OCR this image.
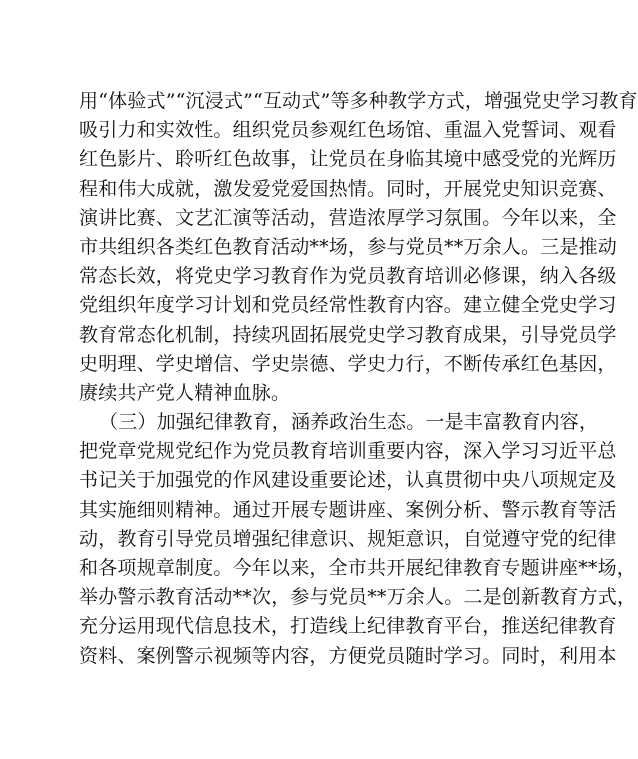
用“体验式”“沉浸式”“互动式”等多种教学方式，增强党史学习教育
吸引力和实效性。组织党员参观红色场馆、重温入党誓词、观看
红色影片、聆听红色故事，让党员在身临其境中感受党的光辉历
程和伟大成就，激发爱党爱国热情。同时，开展党史知识竞赛、
演讲比赛、文艺汇演等活动，营造浓厚学习氛围。今年以来，全
市共组织各类红色教育活动**场，参与党员**万余人。三是推动
常态长效，将党史学习教育作为党员教育培训必修课，纳入各级
党组织年度学习计划和党员经常性教育内容。建立健全党史学习
教育常态化机制，持续巩固拓展党史学习教育成果，引导党员学
史明理、学史增信、学史崇德、学史力行，不断传承红色基因，
赓续共产党人精神血脉。
（三）加强纪律教育，涵养政治生态。一是丰富教育内容，
把党章党规党纪作为党员教育培训重要内容，深入学习习近平总
书记关于加强党的作风建设重要论述，认真贯彻中央八项规定及
其实施细则精神。通过开展专题讲座、案例分析、警示教育等活
动，教育引导党员增强纪律意识、规矩意识，自觉遵守党的纪律
和各项规章制度。今年以来，全市共开展纪律教育专题讲座**场，
举办警示教育活动**次，参与党员**万余人。二是创新教育方式，
充分运用现代信息技术，打造线上纪律教育平台，推送纪律教育
资料、案例警示视频等内容，方便党员随时学习。同时，利用本
